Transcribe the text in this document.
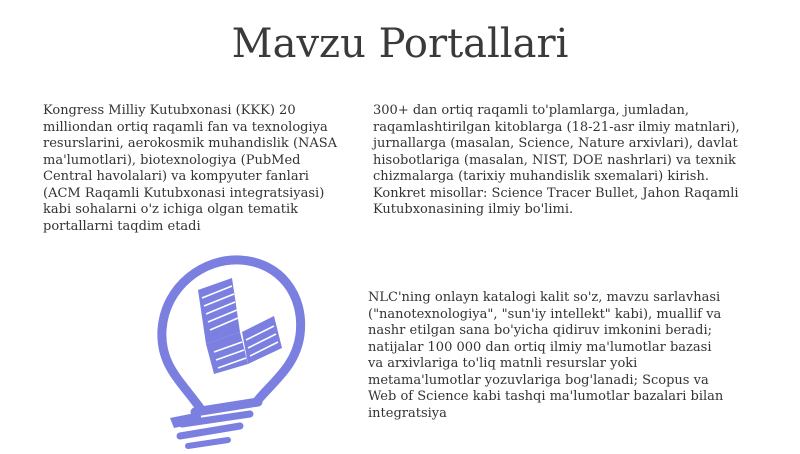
Mavzu Portallari

Kongress Milliy Kutubxonasi (KKK) 20 milliondan ortiq raqamli fan va texnologiya resurslarini, aerokosmik muhandislik (NASA ma'lumotlari), biotexnologiya (PubMed Central havolalari) va kompyuter fanlari (ACM Raqamli Kutubxonasi integratsiyasi) kabi sohalarni o'z ichiga olgan tematik portallarni taqdim etadi

300+ dan ortiq raqamli to'plamlarga, jumladan, raqamlashtirilgan kitoblarga (18-21-asr ilmiy matnlari), jurnallarga (masalan, Science, Nature arxivlari), davlat hisobotlariga (masalan, NIST, DOE nashrlari) va texnik chizmalarga (tarixiy muhandislik sxemalari) kirish. Konkret misollar: Science Tracer Bullet, Jahon Raqamli Kutubxonasining ilmiy bo'limi.

NLC'ning onlayn katalogi kalit so'z, mavzu sarlavhasi ("nanotexnologiya", "sun'iy intellekt" kabi), muallif va nashr etilgan sana bo'yicha qidiruv imkonini beradi; natijalar 100 000 dan ortiq ilmiy ma'lumotlar bazasi va arxivlariga to'liq matnli resurslar yoki metama'lumotlar yozuvlariga bog'lanadi; Scopus va Web of Science kabi tashqi ma'lumotlar bazalari bilan integratsiya
